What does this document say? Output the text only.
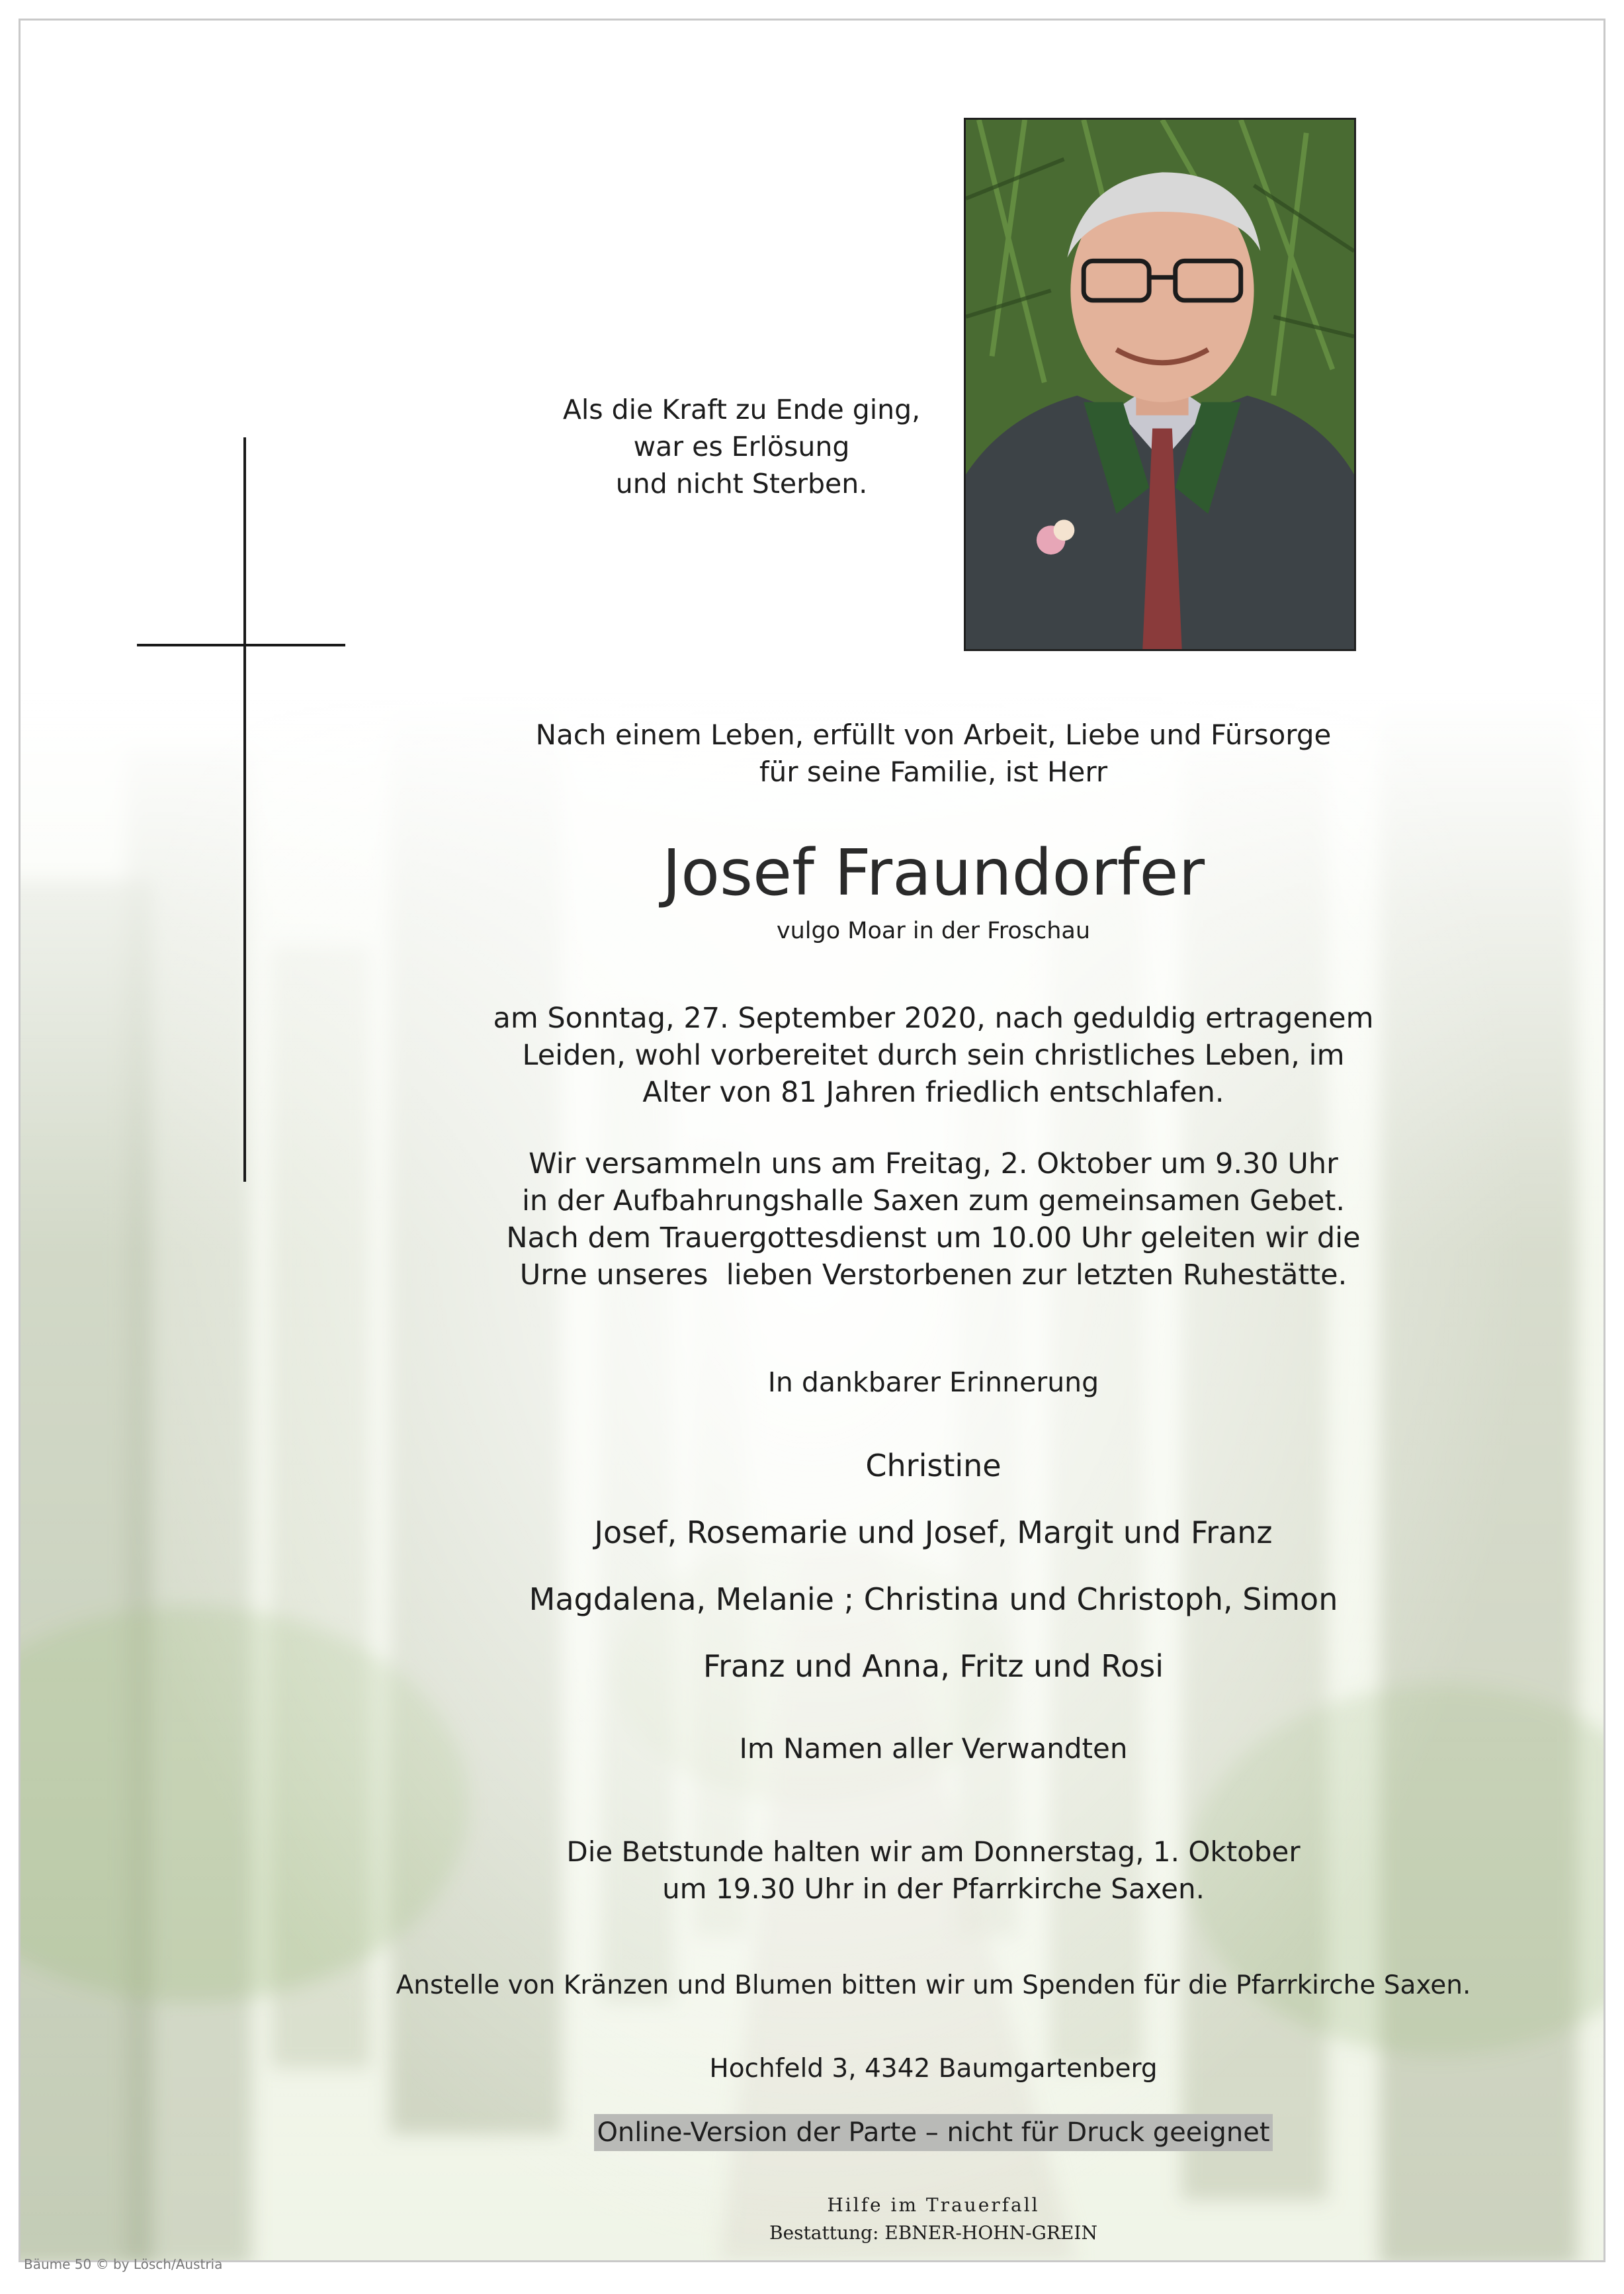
Als die Kraft zu Ende ging,
war es Erlösung
und nicht Sterben.
Nach einem Leben, erfüllt von Arbeit, Liebe und Fürsorge
für seine Familie, ist Herr
Josef Fraundorfer
vulgo Moar in der Froschau
am Sonntag, 27. September 2020, nach geduldig ertragenem
Leiden, wohl vorbereitet durch sein christliches Leben, im
Alter von 81 Jahren friedlich entschlafen.
Wir versammeln uns am Freitag, 2. Oktober um 9.30 Uhr
in der Aufbahrungshalle Saxen zum gemeinsamen Gebet.
Nach dem Trauergottesdienst um 10.00 Uhr geleiten wir die
Urne unseres  lieben Verstorbenen zur letzten Ruhestätte.
In dankbarer Erinnerung
Christine
Josef, Rosemarie und Josef, Margit und Franz
Magdalena, Melanie ; Christina und Christoph, Simon
Franz und Anna, Fritz und Rosi
Im Namen aller Verwandten
Die Betstunde halten wir am Donnerstag, 1. Oktober
um 19.30 Uhr in der Pfarrkirche Saxen.
Anstelle von Kränzen und Blumen bitten wir um Spenden für die Pfarrkirche Saxen.
Hochfeld 3, 4342 Baumgartenberg
Online-Version der Parte – nicht für Druck geeignet
Hilfe im Trauerfall
Bestattung: EBNER-HOHN-GREIN
Bäume 50 © by Lösch/Austria
